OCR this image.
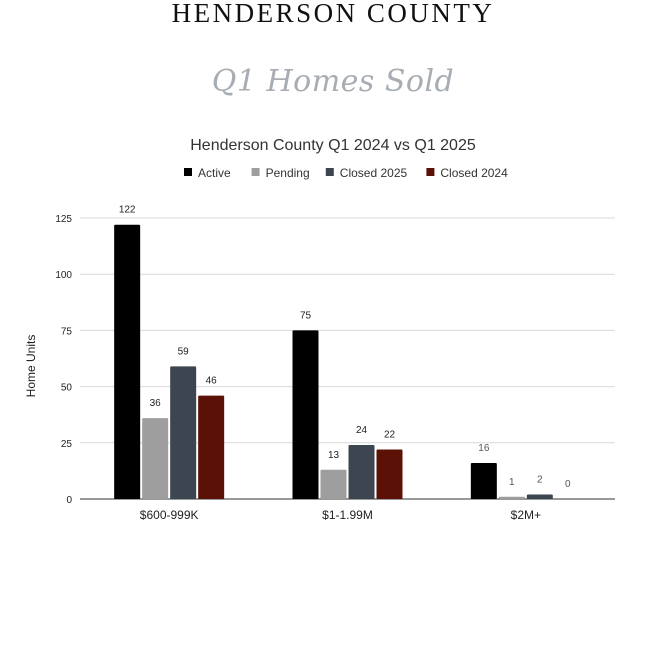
HENDERSON COUNTY
Q1 Homes Sold
Henderson County Q1 2024 vs Q1 2025
Active	Pending	Closed 2025	Closed 2024
0
25
50
75
100
125
122
36
59
46
75
13
24 22
16
1 2 0
$600-999K	$1-1.99M	$2M+
Home Units
